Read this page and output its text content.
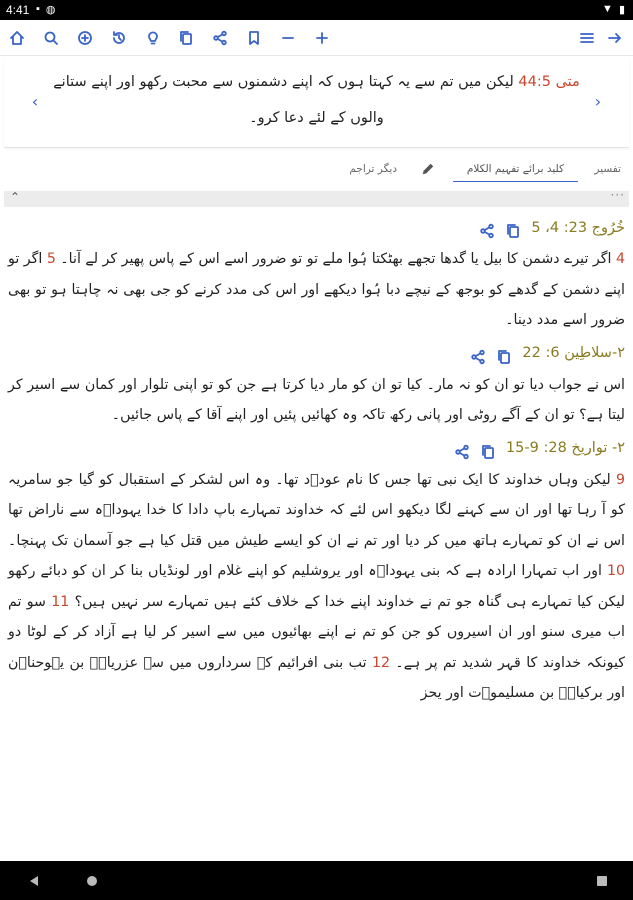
4:41 ▪ ◍	▼ ▮
‹
متی 44:5 لیکن میں تم سے یہ کہتا ہوں کہ اپنے دشمنوں سے محبت رکھو اور اپنے ستانے والوں کے لئے دعا کرو۔
›
تفسیر
کلید برائے تفہیم الکلام
دیگر تراجم
⌃	···
خُرُوج 23: 4، 5
4 اگر تیرے دشمن کا بیل یا گدھا تجھے بھٹکتا ہُوا ملے تو تو ضرور اسے اس کے پاس پھیر کر لے آنا۔ 5 اگر تو اپنے دشمن کے گدھے کو بوجھ کے نیچے دبا ہُوا دیکھے اور اس کی مدد کرنے کو جی بھی نہ چاہتا ہو تو بھی ضرور اسے مدد دینا۔
۲-سلاطِین 6: 22
اس نے جواب دیا تو ان کو نہ مار۔ کیا تو ان کو مار دیا کرتا ہے جن کو تو اپنی تلوار اور کمان سے اسیر کر لیتا ہے؟ تو ان کے آگے روٹی اور پانی رکھ تاکہ وہ کھائیں پئیں اور اپنے آقا کے پاس جائیں۔
۲- تواریخ 28: 9-15
9 لیکن وہاں خداوند کا ایک نبی تھا جس کا نام عودؔد تھا۔ وہ اس لشکر کے استقبال کو گیا جو سامریہ کو آ رہا تھا اور ان سے کہنے لگا دیکھو اس لئے کہ خداوند تمہارے باپ دادا کا خدا یہوداؔہ سے ناراض تھا اس نے ان کو تمہارے ہاتھ میں کر دیا اور تم نے ان کو ایسے طیش میں قتل کیا ہے جو آسمان تک پہنچا۔ 10 اور اب تمہارا ارادہ ہے کہ بنی یہوداؔہ اور یروشلیم کو اپنے غلام اور لونڈیاں بنا کر ان کو دبائے رکھو لیکن کیا تمہارے ہی گناہ جو تم نے خداوند اپنے خدا کے خلاف کئے ہیں تمہارے سر نہیں ہیں؟ 11 سو تم اب میری سنو اور ان اسیروں کو جن کو تم نے اپنے بھائیوں میں سے اسیر کر لیا ہے آزاد کر کے لوٹا دو کیونکہ خداوند کا قہر شدید تم پر ہے۔ 12 تب بنی افرائیم کے سرداروں میں سے عزریاؔہ بن یہوحناؔن اور برکیاؔہ بن مسلیموؔت اور یحز
